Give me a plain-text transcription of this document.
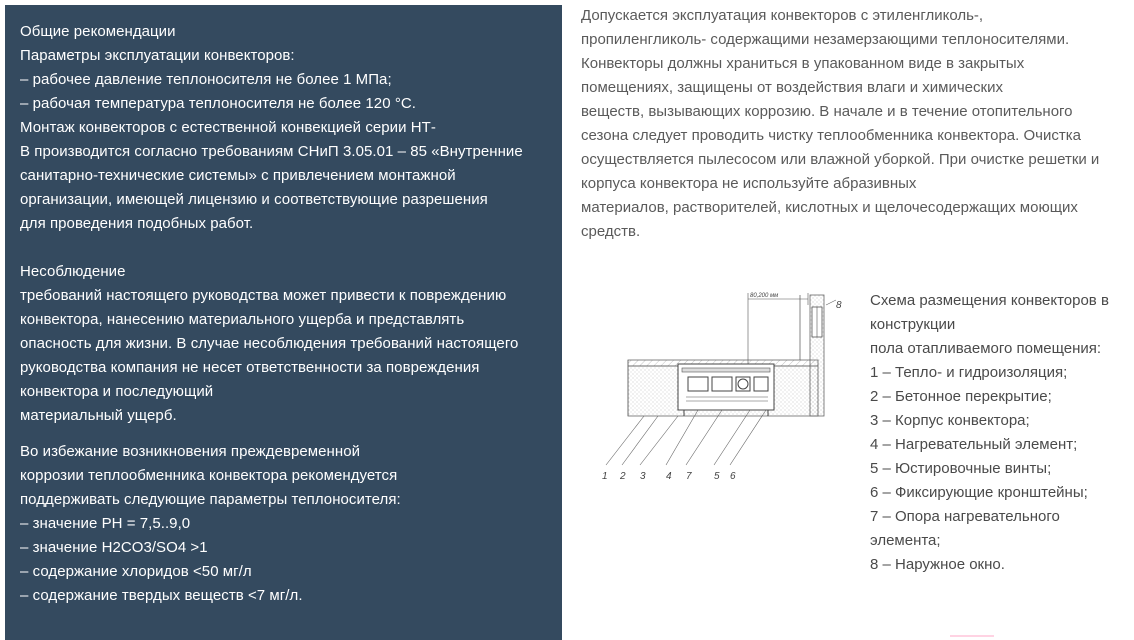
Общие рекомендации
Параметры эксплуатации конвекторов:
– рабочее давление теплоносителя не более 1 МПа;
– рабочая температура теплоносителя не более 120 °С.
Монтаж конвекторов с естественной конвекцией серии НТ-
В производится согласно требованиям СНиП 3.05.01 – 85 «Внутренние
санитарно-технические системы» с привлечением монтажной
организации, имеющей лицензию и соответствующие разрешения
для проведения подобных работ.
Несоблюдение
требований настоящего руководства может привести к повреждению
конвектора, нанесению материального ущерба и представлять
опасность для жизни. В случае несоблюдения требований настоящего
руководства компания не несет ответственности за повреждения
конвектора и последующий
материальный ущерб.
Во избежание возникновения преждевременной
коррозии теплообменника конвектора рекомендуется
поддерживать следующие параметры теплоносителя:
– значение PH = 7,5..9,0
– значение H2CO3/SO4 >1
– содержание хлоридов <50 мг/л
– содержание твердых веществ <7 мг/л.
Допускается эксплуатация конвекторов с этиленгликоль-,
пропиленгликоль- содержащими незамерзающими теплоносителями.
Конвекторы должны храниться в упакованном виде в закрытых
помещениях, защищены от воздействия влаги и химических
веществ, вызывающих коррозию. В начале и в течение отопительного
сезона следует проводить чистку теплообменника конвектора. Очистка
осуществляется пылесосом или влажной уборкой. При очистке решетки и
корпуса конвектора не используйте абразивных
материалов, растворителей, кислотных и щелочесодержащих моющих
средств.
80,200 мм
1 2 3 4 7 5 6
8 Схема размещения конвекторов в
конструкции
пола отапливаемого помещения:
1 – Тепло- и гидроизоляция;
2 – Бетонное перекрытие;
3 – Корпус конвектора;
4 – Нагревательный элемент;
5 – Юстировочные винты;
6 – Фиксирующие кронштейны;
7 – Опора нагревательного
элемента;
8 – Наружное окно.
